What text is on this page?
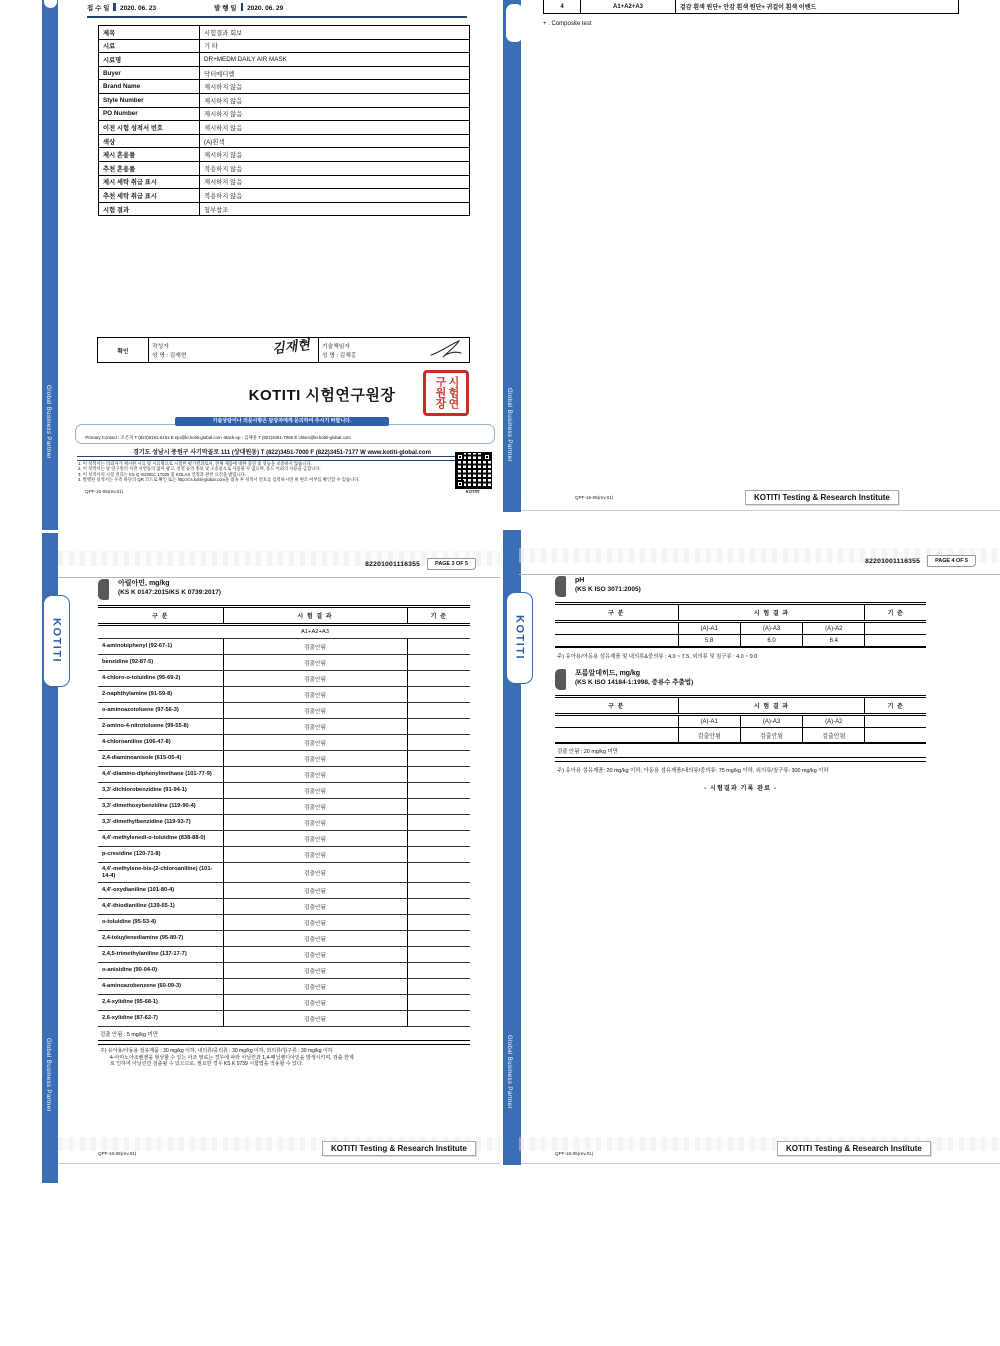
Global Business Partner
접 수 일 2020. 06. 23	발 행 일 2020. 06. 29
제목	시험결과 회보
시료	기 타
시료명	DR+MEDM DAILY AIR MASK
Buyer	닥터메디엠
Brand Name	제시하지 않음
Style Number	제시하지 않음
PO Number	제시하지 않음
이전 시험 성적서 번호	제시하지 않음
색상	(A)흰색
제시 혼용률	제시하지 않음
추천 혼용률	적용하지 않음
제시 세탁 취급 표시	제시하지 않음
추천 세탁 취급 표시	적용하지 않음
시험 결과	첨부참조
확인	
작성자
성 명 : 김재현	김재현	기술책임자
성 명 : 김채홍
KOTITI 시험연구원장	시험연구원장
기술상담이나 의문사항은 담당자에게 문의하여 주시기 바랍니다.
-Primary Contact : 조은지 T (822)6191-6151 E ejo@kr.kotiti-global.com -Back-up : 김채홍 T (822)3451-7066 E chkim@kr.kotiti-global.com
경기도 성남시 중원구 사기막골로 111 (상대원동) T (822)3451-7000 F (822)3451-7177 W www.kotiti-global.com
1. 이 성적서는 의뢰자가 제시한 시료 및 시료명으로 시험한 평가결과로서, 전체 제품에 대한 품질 및 성능을 보증하지 않습니다.
2. 이 성적서는 당 연구원의 사전 서면동의 없이 광고, 선전 등의 홍보 및 소송용으로 사용될 수 없으며, 용도 이외의 사용을 금합니다.
3. 이 성적서의 시험 결과는 KS Q ISO/IEC 17025 및 KOLAS 인정과 관련 요건을 밝힙니다.
4. 발행된 성적서는 우측 하단의 QR 코드로 확인 또는 http://cs.kotiti-global.com을 접속 후 성적서 번호를 입력하시면 위 변조 여부를 확인할 수 있습니다.
KOTITI
QPF-16-05(rev.01)
Global Business Partner
4	A1+A2+A3	겉감 흰색 원단+ 안감 흰색 원단+ 귀걸이 흰색 이밴드
+ : Composite test
QPF-16-05(rev.01)	KOTITI Testing & Research Institute
Global Business Partner
KOTITI
82201001116355	PAGE 3 OF 5
아릴아민, mg/kg
(KS K 0147:2015/KS K 0739:2017)
구 분	시 험 결 과	기 준
	A1+A2+A3	
4-aminobiphenyl (92-67-1)	검출안됨	
benzidine (92-87-5)	검출안됨	
4-chloro-o-toluidine (95-69-2)	검출안됨	
2-naphthylamine (91-59-8)	검출안됨	
o-aminoazotoluene (97-56-3)	검출안됨	
2-amino-4-nitrotoluene (99-55-8)	검출안됨	
4-chloroaniline (106-47-8)	검출안됨	
2,4-diaminoanisole (615-05-4)	검출안됨	
4,4'-diamino-diphenylmethane (101-77-9)	검출안됨	
3,3'-dichlorobenzidine (91-94-1)	검출안됨	
3,3'-dimethoxybenzidine (119-90-4)	검출안됨	
3,3'-dimethylbenzidine (119-93-7)	검출안됨	
4,4'-methylenedi-o-toluidine (838-88-0)	검출안됨	
p-cresidine (120-71-8)	검출안됨	
4,4'-methylene-bis-(2-chloroaniline) (101-14-4)	검출안됨	
4,4'-oxydianiline (101-80-4)	검출안됨	
4,4'-thiodianiline (139-65-1)	검출안됨	
o-toluidine (95-53-4)	검출안됨	
2,4-toluylenediamine (95-80-7)	검출안됨	
2,4,5-trimethylaniline (137-17-7)	검출안됨	
o-anisidine (90-04-0)	검출안됨	
4-aminoazobenzene (60-09-3)	검출안됨	
2,4-xylidine (95-68-1)	검출안됨	
2,6-xylidine (87-62-7)	검출안됨	
검출 안됨 : 5 mg/kg 미만
주) 유아용/아동용 섬유제품 : 30 mg/kg 이하, 내의류/중의류 : 30 mg/kg 이하, 외의류/침구류 : 30 mg/kg 이하
4-아미노아조벤젠을 형성할 수 있는 아조 염료는 경우에 따라 아닐린과 1,4-페닐렌디아민을 발생시키며, 검출 한계
로 인하여 아닐린만 검출될 수 있으므로, 필요한 경우 KS K 0739 시험법을 적용할 수 있다.
QPF-16-05(rev.01)
KOTITI Testing & Research Institute
Global Business Partner
KOTITI
82201001116355	PAGE 4 OF 5
pH
(KS K ISO 3071:2005)
구 분	시 험 결 과			기 준
	(A)-A1	(A)-A3	(A)-A2	
	5.8	6.0	6.4	
주) 유아용/아동용 섬유제품 및 내의류&중의류 : 4.0 ~ 7.5, 외의류 및 침구류 : 4.0 ~ 9.0
포름알데히드, mg/kg
(KS K ISO 14184-1:1998, 증류수 추출법)
구 분	시 험 결 과			기 준
	(A)-A1	(A)-A3	(A)-A2	
	검출안됨	검출안됨	검출안됨	
검출 안됨 : 20 mg/kg 미만
주) 유아용 섬유제품: 20 mg/kg 이하, 아동용 섬유제품/내의류/중의류: 75 mg/kg 이하, 외의류/침구류: 300 mg/kg 이하
- 시험결과 기록 완료 -
QPF-16-05(rev.01)
KOTITI Testing & Research Institute
